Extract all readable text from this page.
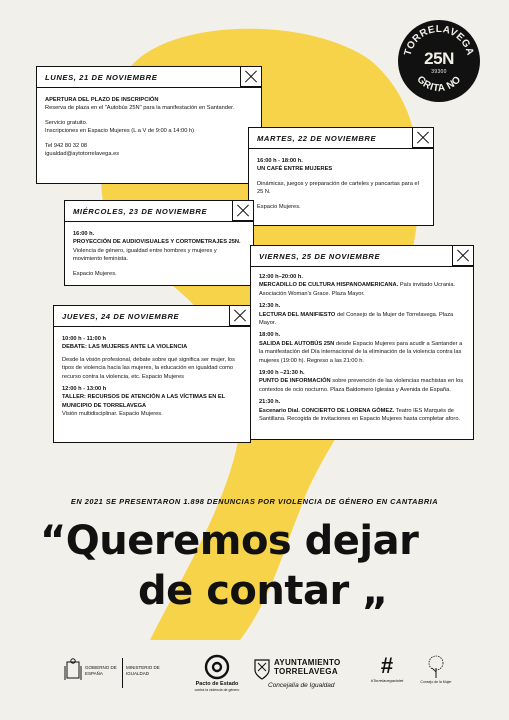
TORRELAVEGA
GRITA NO
25N
39300
LUNES, 21 DE NOVIEMBRE

APERTURA DEL PLAZO DE INSCRIPCIÓN
Reserva de plaza en el "Autobús 25N" para la manifestación en Santander.

Servicio gratuito.
Inscripciones en Espacio Mujeres (L a V de 9:00 a 14:00 h)

Tel 942 80 32 08
igualdad@aytotorrelavega.es

MARTES, 22 DE NOVIEMBRE

16:00 h - 18:00 h.
UN CAFÉ ENTRE MUJERES

Dinámicas, juegos y preparación de carteles y pancartas para el 25 N.

Espacio Mujeres.

MIÉRCOLES, 23 DE NOVIEMBRE

16:00 h.
PROYECCIÓN DE AUDIOVISUALES Y CORTOMETRAJES 25N. Violencia de género, igualdad entre hombres y mujeres y movimiento feminista.

Espacio Mujeres.

VIERNES, 25 DE NOVIEMBRE

12:00 h–20:00 h.
MERCADILLO DE CULTURA HISPANOAMERICANA. País invitado Ucrania. Asociación Woman's Grace. Plaza Mayor.

12:30 h.
LECTURA DEL MANIFIESTO del Consejo de la Mujer de Torrelavega. Plaza Mayor.

18:00 h.
SALIDA DEL AUTOBÚS 25N desde Espacio Mujeres para acudir a Santander a la manifestación del Día internacional de la eliminación de la violencia contra las mujeres (19:00 h). Regreso a las 21:00 h.

19:00 h –21:30 h.
PUNTO DE INFORMACIÓN sobre prevención de las violencias machistas en los contextos de ocio nocturno. Plaza Baldomero Iglesias y Avenida de España.

21:30 h.
Escenario Dial. CONCIERTO DE LORENA GÓMEZ. Teatro IES Marqués de Santillana. Recogida de invitaciones en Espacio Mujeres hasta completar aforo.

JUEVES, 24 DE NOVIEMBRE

10:00 h - 11:00 h
DEBATE: LAS MUJERES ANTE LA VIOLENCIA

Desde la visión profesional, debate sobre qué significa ser mujer, los tipos de violencia hacia las mujeres, la educación en igualdad como recurso contra la violencia, etc. Espacio Mujeres

12:00 h - 13:00 h
TALLER: RECURSOS DE ATENCIÓN A LAS VÍCTIMAS EN EL MUNICIPIO DE TORRELAVEGA
Visión multidisciplinar. Espacio Mujeres.

EN 2021 SE PRESENTARON 1.898 DENUNCIAS POR VIOLENCIA DE GÉNERO EN CANTABRIA
“Queremos dejar
de contar „
GOBIERNO DE ESPAÑA
MINISTERIO DE IGUALDAD
Pacto de Estado
contra la violencia de género
AYUNTAMIENTO
TORRELAVEGA
Concejalía de Igualdad
#
#Torrelavegaviolet	Consejo de la Mujer
